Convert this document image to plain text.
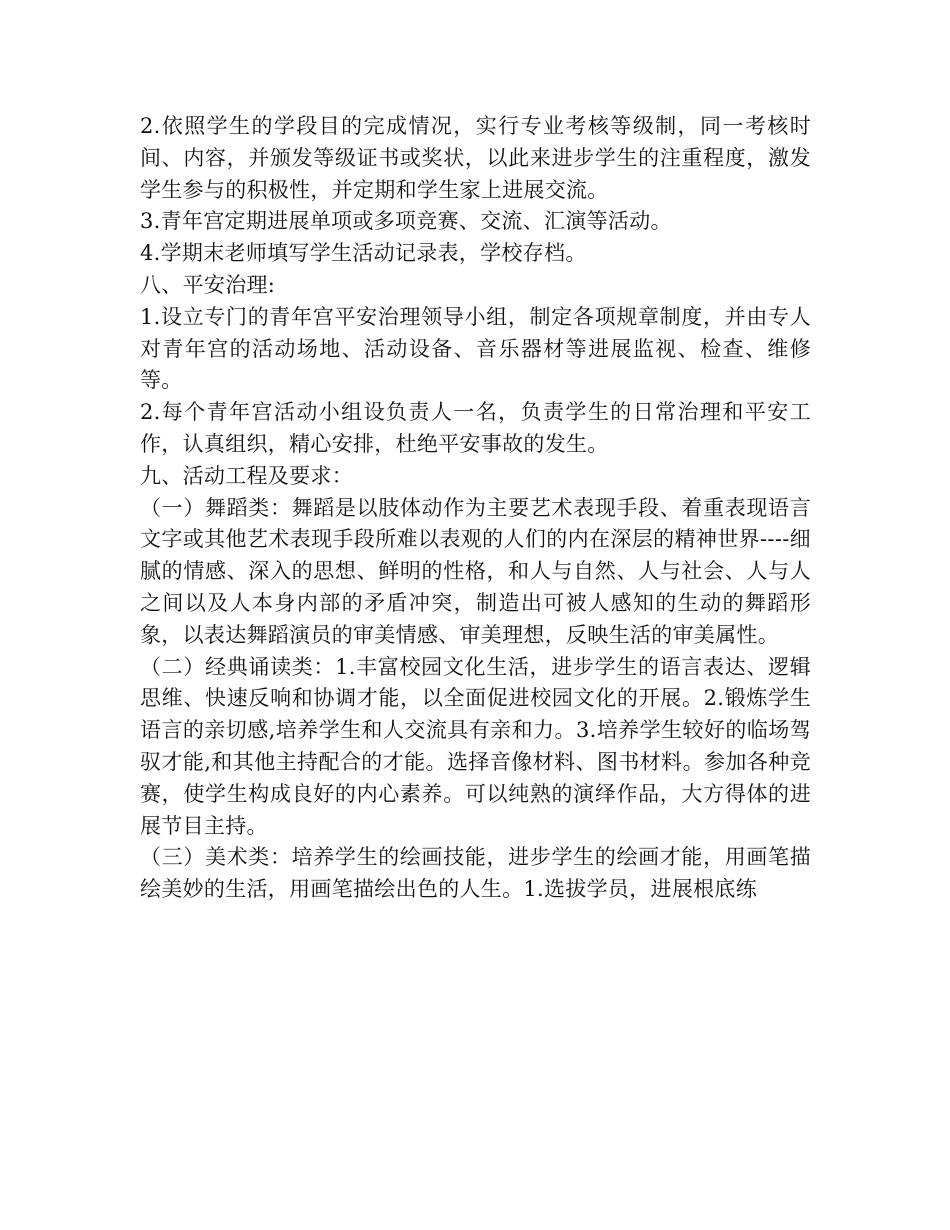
2.依照学生的学段目的完成情况，实行专业考核等级制，同一考核时间、内容，并颁发等级证书或奖状，以此来进步学生的注重程度，激发学生参与的积极性，并定期和学生家上进展交流。

3.青年宫定期进展单项或多项竞赛、交流、汇演等活动。

4.学期末老师填写学生活动记录表，学校存档。

八、平安治理:

1.设立专门的青年宫平安治理领导小组，制定各项规章制度，并由专人对青年宫的活动场地、活动设备、音乐器材等进展监视、检查、维修等。

2.每个青年宫活动小组设负责人一名，负责学生的日常治理和平安工作，认真组织，精心安排，杜绝平安事故的发生。

九、活动工程及要求：

（一）舞蹈类：舞蹈是以肢体动作为主要艺术表现手段、着重表现语言文字或其他艺术表现手段所难以表观的人们的内在深层的精神世界----细腻的情感、深入的思想、鲜明的性格，和人与自然、人与社会、人与人之间以及人本身内部的矛盾冲突，制造出可被人感知的生动的舞蹈形象，以表达舞蹈演员的审美情感、审美理想，反映生活的审美属性。

（二）经典诵读类：1.丰富校园文化生活，进步学生的语言表达、逻辑思维、快速反响和协调才能，以全面促进校园文化的开展。2.锻炼学生语言的亲切感,培养学生和人交流具有亲和力。3.培养学生较好的临场驾驭才能,和其他主持配合的才能。选择音像材料、图书材料。参加各种竞赛，使学生构成良好的内心素养。可以纯熟的演绎作品，大方得体的进展节目主持。

（三）美术类：培养学生的绘画技能，进步学生的绘画才能，用画笔描绘美妙的生活，用画笔描绘出色的人生。1.选拔学员，进展根底练
